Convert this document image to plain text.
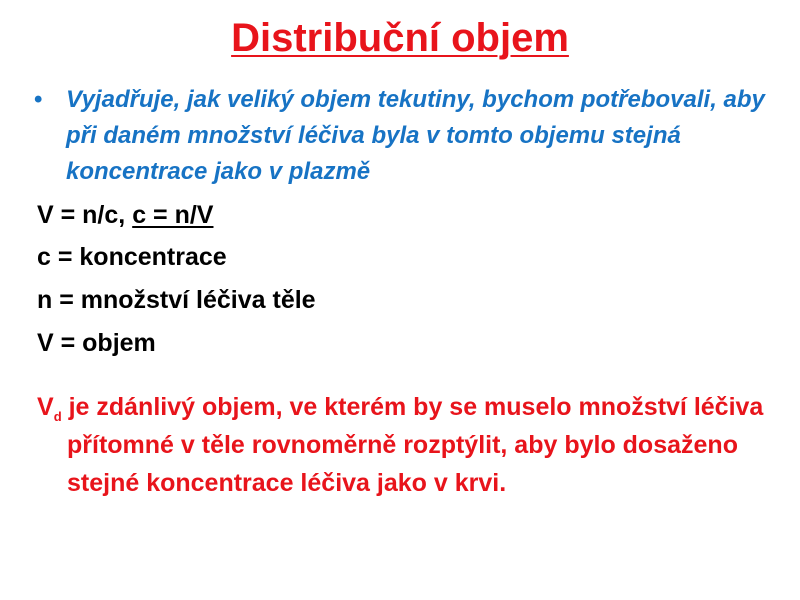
Distribuční objem
• Vyjadřuje, jak veliký objem tekutiny, bychom potřebovali, aby při daném množství léčiva byla v tomto objemu stejná koncentrace jako v plazmě
V = n/c, c = n/V
c = koncentrace
n = množství léčiva těle
V = objem
$V_d$ je zdánlivý objem, ve kterém by se muselo množství léčiva přítomné v těle rovnoměrně rozptýlit, aby bylo dosaženo stejné koncentrace léčiva jako v krvi.
